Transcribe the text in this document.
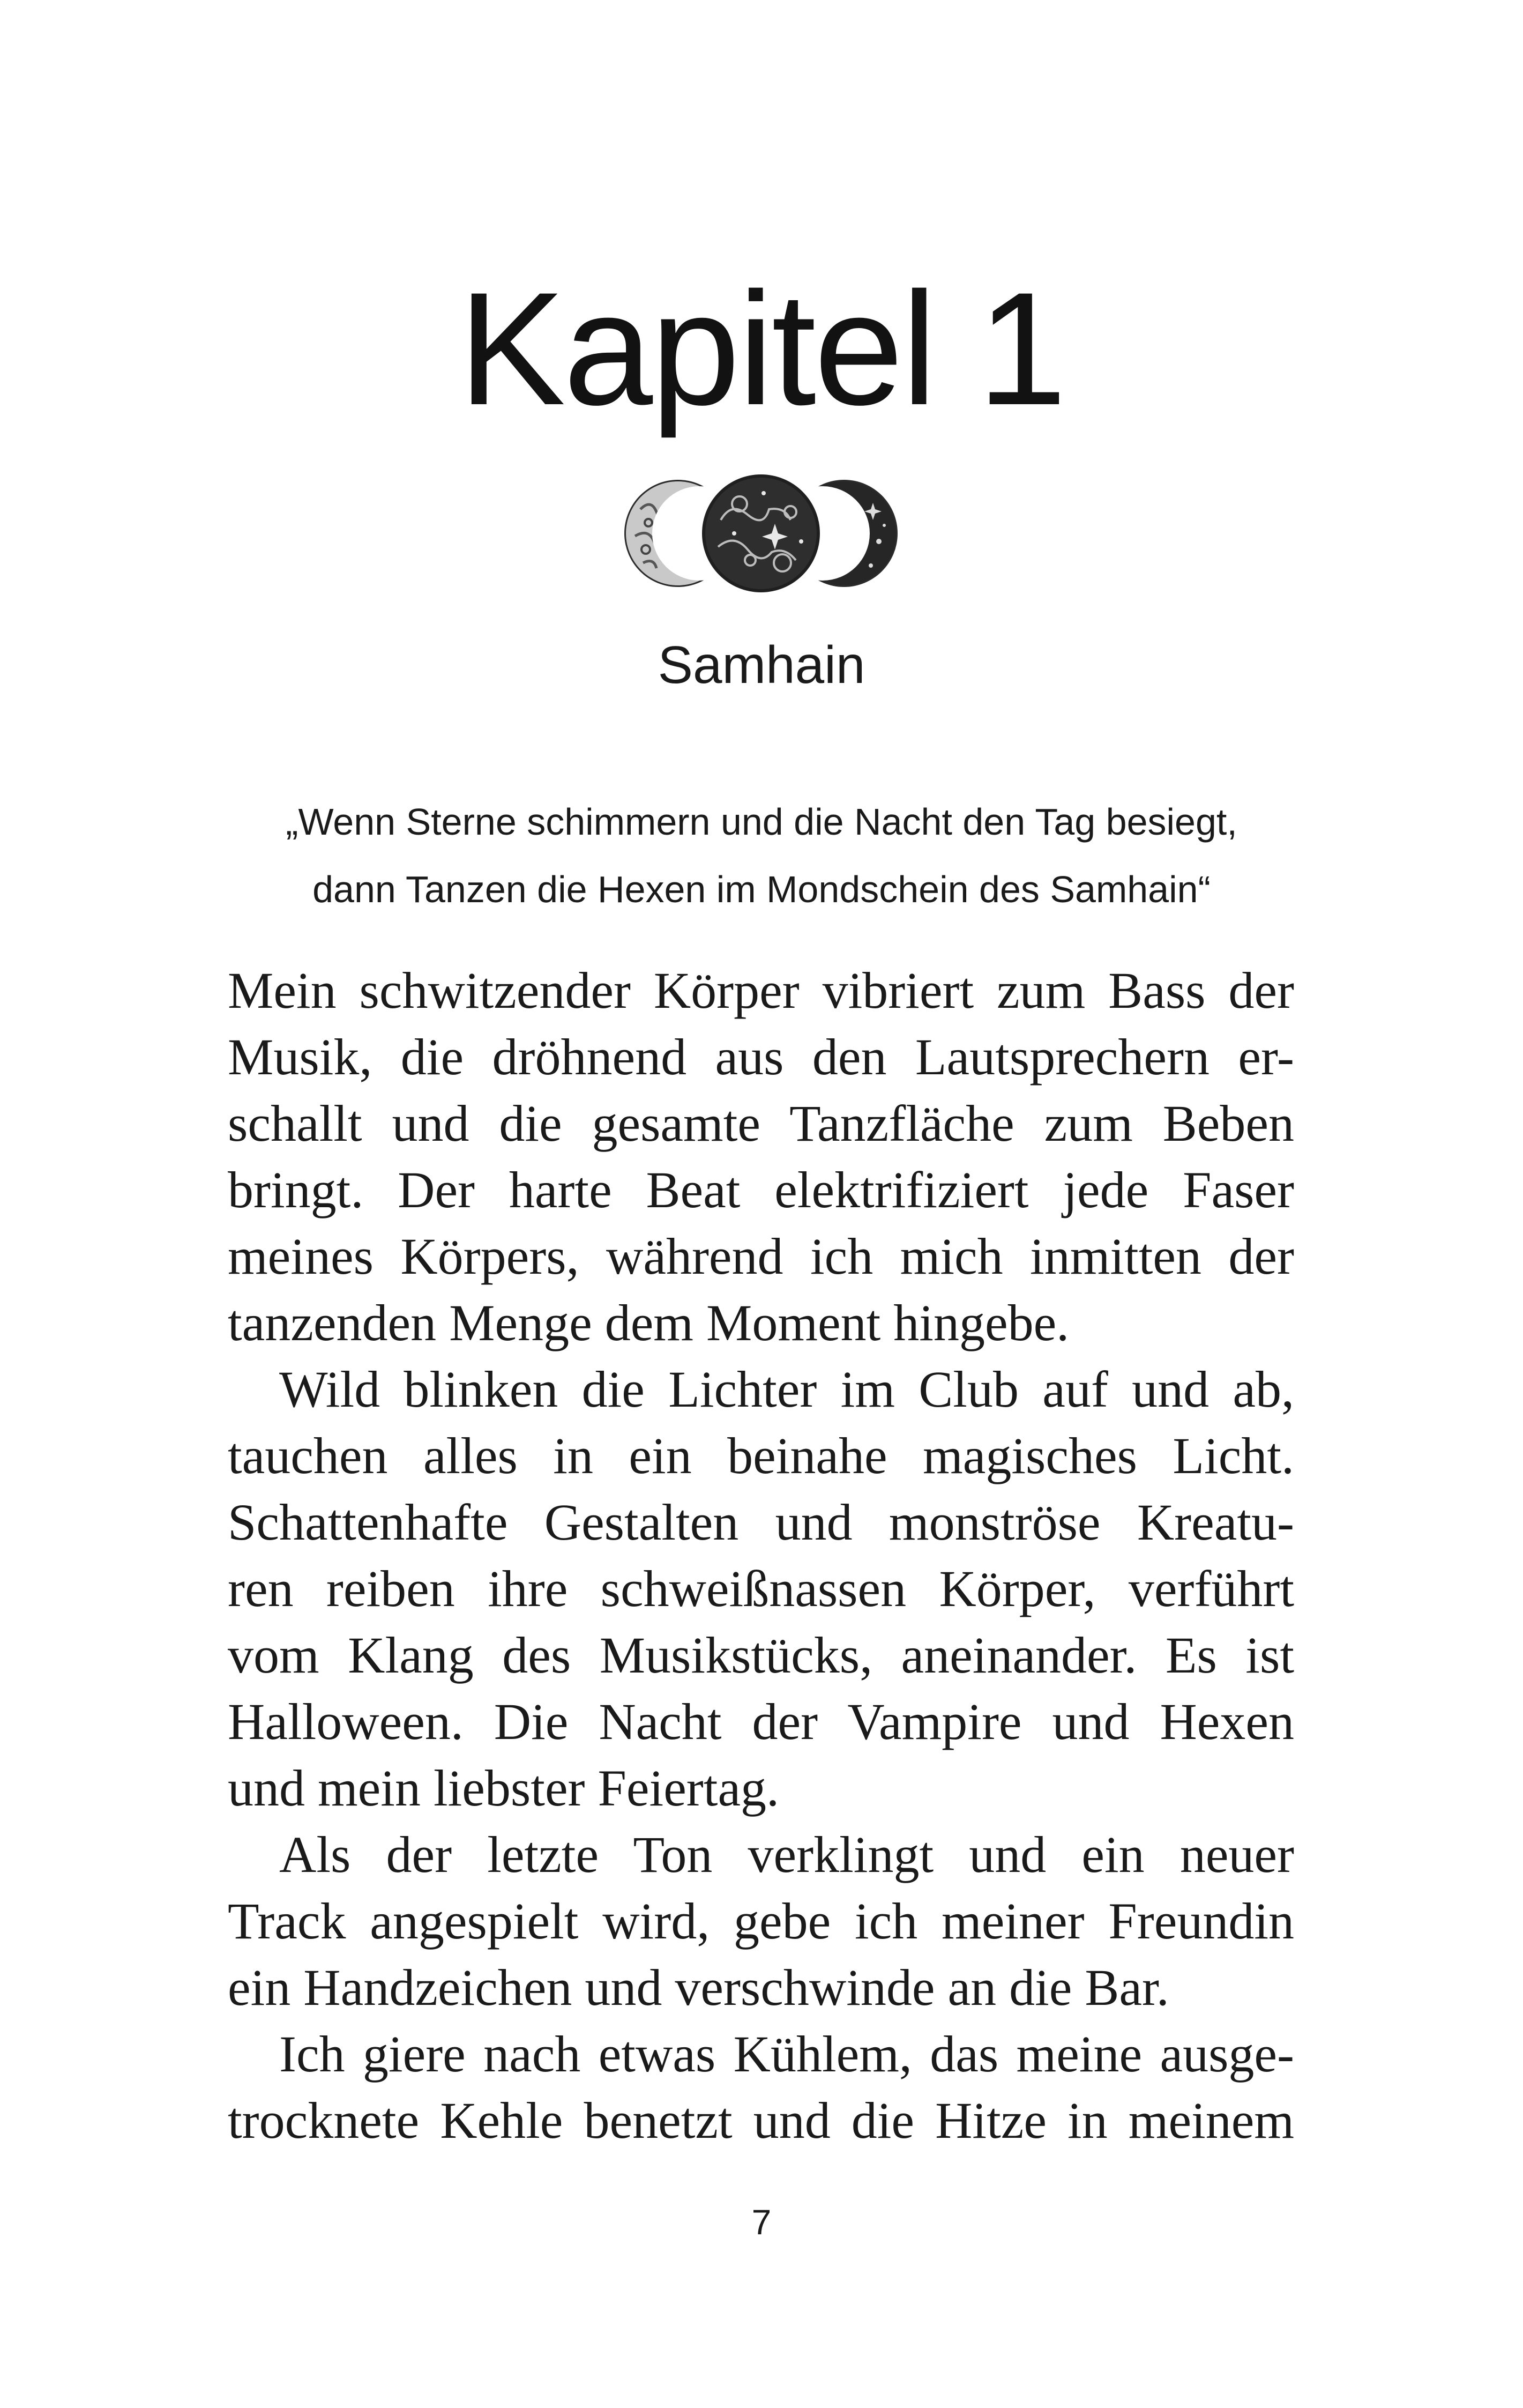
Kapitel 1
Samhain
„Wenn Sterne schimmern und die Nacht den Tag besiegt,
dann Tanzen die Hexen im Mondschein des Samhain“
Mein schwitzender Körper vibriert zum Bass der
Musik, die dröhnend aus den Lautsprechern er-
schallt und die gesamte Tanzfläche zum Beben
bringt. Der harte Beat elektrifiziert jede Faser
meines Körpers, während ich mich inmitten der
tanzenden Menge dem Moment hingebe.
Wild blinken die Lichter im Club auf und ab,
tauchen alles in ein beinahe magisches Licht.
Schattenhafte Gestalten und monströse Kreatu-
ren reiben ihre schweißnassen Körper, verführt
vom Klang des Musikstücks, aneinander. Es ist
Halloween. Die Nacht der Vampire und Hexen
und mein liebster Feiertag.
Als der letzte Ton verklingt und ein neuer
Track angespielt wird, gebe ich meiner Freundin
ein Handzeichen und verschwinde an die Bar.
Ich giere nach etwas Kühlem, das meine ausge-
trocknete Kehle benetzt und die Hitze in meinem
7
